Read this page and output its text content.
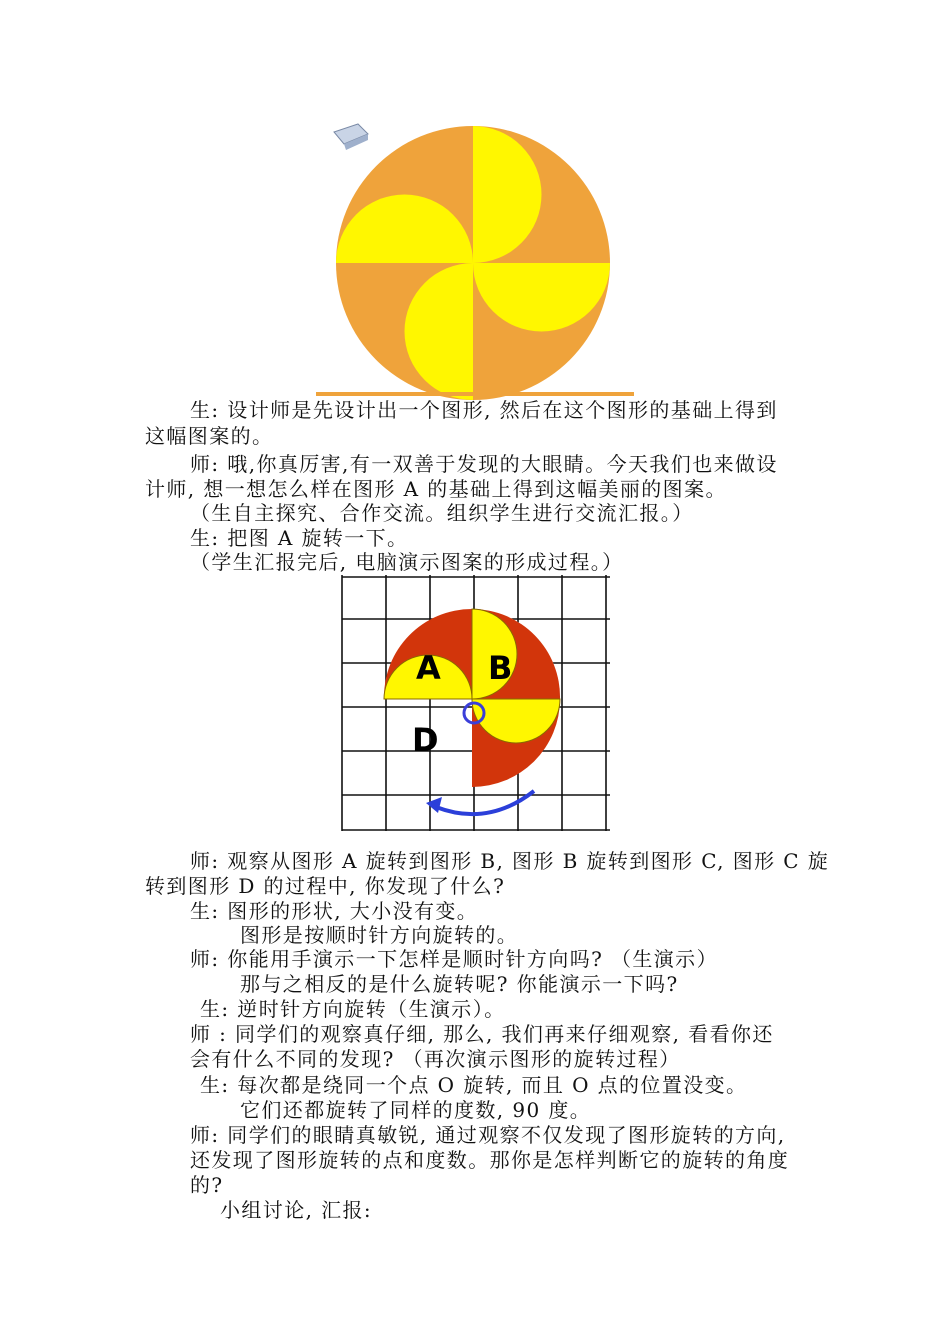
生: 设计师是先设计出一个图形, 然后在这个图形的基础上得到
这幅图案的。
师: 哦,你真厉害,有一双善于发现的大眼睛。今天我们也来做设
计师, 想一想怎么样在图形 A 的基础上得到这幅美丽的图案。
（生自主探究、合作交流。组织学生进行交流汇报。）
生: 把图 A 旋转一下。
（学生汇报完后, 电脑演示图案的形成过程。）
A B
D
师: 观察从图形 A 旋转到图形 B, 图形 B 旋转到图形 C, 图形 C 旋
转到图形 D 的过程中, 你发现了什么?
生: 图形的形状, 大小没有变。
图形是按顺时针方向旋转的。
师: 你能用手演示一下怎样是顺时针方向吗? （生演示）
那与之相反的是什么旋转呢? 你能演示一下吗?
生: 逆时针方向旋转（生演示）。
师 : 同学们的观察真仔细, 那么, 我们再来仔细观察, 看看你还
会有什么不同的发现? （再次演示图形的旋转过程）
生: 每次都是绕同一个点 O 旋转, 而且 O 点的位置没变。
它们还都旋转了同样的度数, 90 度。
师: 同学们的眼睛真敏锐, 通过观察不仅发现了图形旋转的方向,
还发现了图形旋转的点和度数。那你是怎样判断它的旋转的角度
的?
小组讨论, 汇报:
